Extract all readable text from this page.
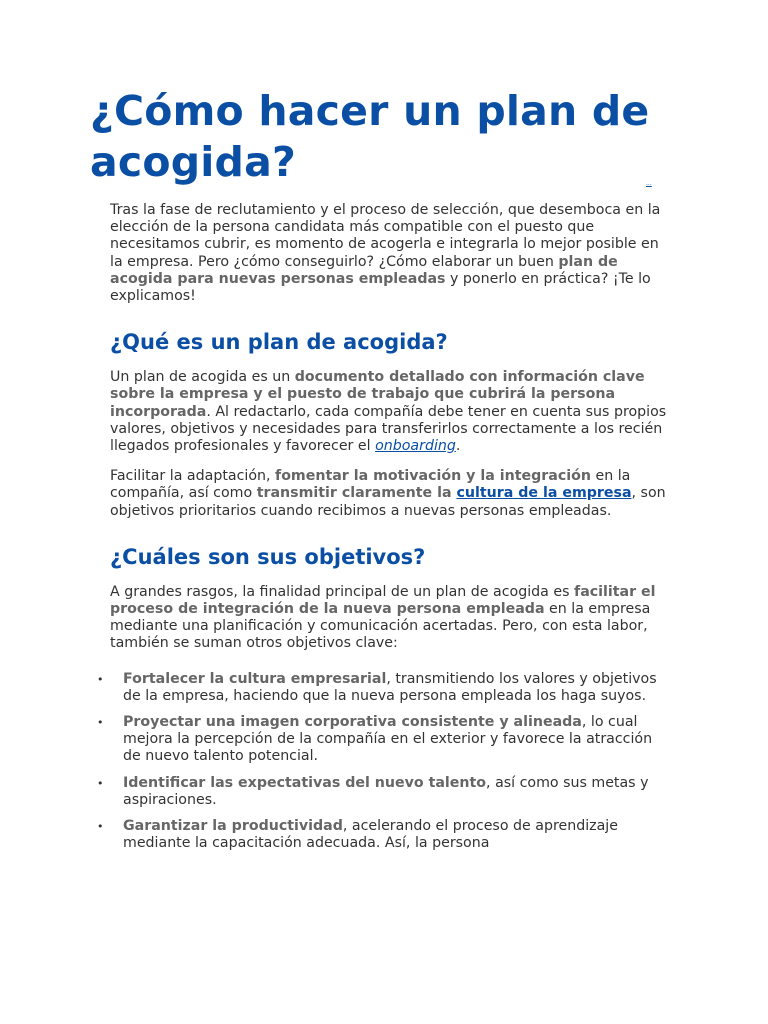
¿Cómo hacer un plan de acogida?	...

Tras la fase de reclutamiento y el proceso de selección, que desemboca en la elección de la persona candidata más compatible con el puesto que necesitamos cubrir, es momento de acogerla e integrarla lo mejor posible en la empresa. Pero ¿cómo conseguirlo? ¿Cómo elaborar un buen plan de acogida para nuevas personas empleadas y ponerlo en práctica? ¡Te lo explicamos!

¿Qué es un plan de acogida?

Un plan de acogida es un documento detallado con información clave sobre la empresa y el puesto de trabajo que cubrirá la persona incorporada. Al redactarlo, cada compañía debe tener en cuenta sus propios valores, objetivos y necesidades para transferirlos correctamente a los recién llegados profesionales y favorecer el onboarding.

Facilitar la adaptación, fomentar la motivación y la integración en la compañía, así como transmitir claramente la cultura de la empresa, son objetivos prioritarios cuando recibimos a nuevas personas empleadas.

¿Cuáles son sus objetivos?

A grandes rasgos, la finalidad principal de un plan de acogida es facilitar el proceso de integración de la nueva persona empleada en la empresa mediante una planificación y comunicación acertadas. Pero, con esta labor, también se suman otros objetivos clave:

• Fortalecer la cultura empresarial, transmitiendo los valores y objetivos de la empresa, haciendo que la nueva persona empleada los haga suyos.
• Proyectar una imagen corporativa consistente y alineada, lo cual mejora la percepción de la compañía en el exterior y favorece la atracción de nuevo talento potencial.
• Identificar las expectativas del nuevo talento, así como sus metas y aspiraciones.
• Garantizar la productividad, acelerando el proceso de aprendizaje mediante la capacitación adecuada. Así, la persona
